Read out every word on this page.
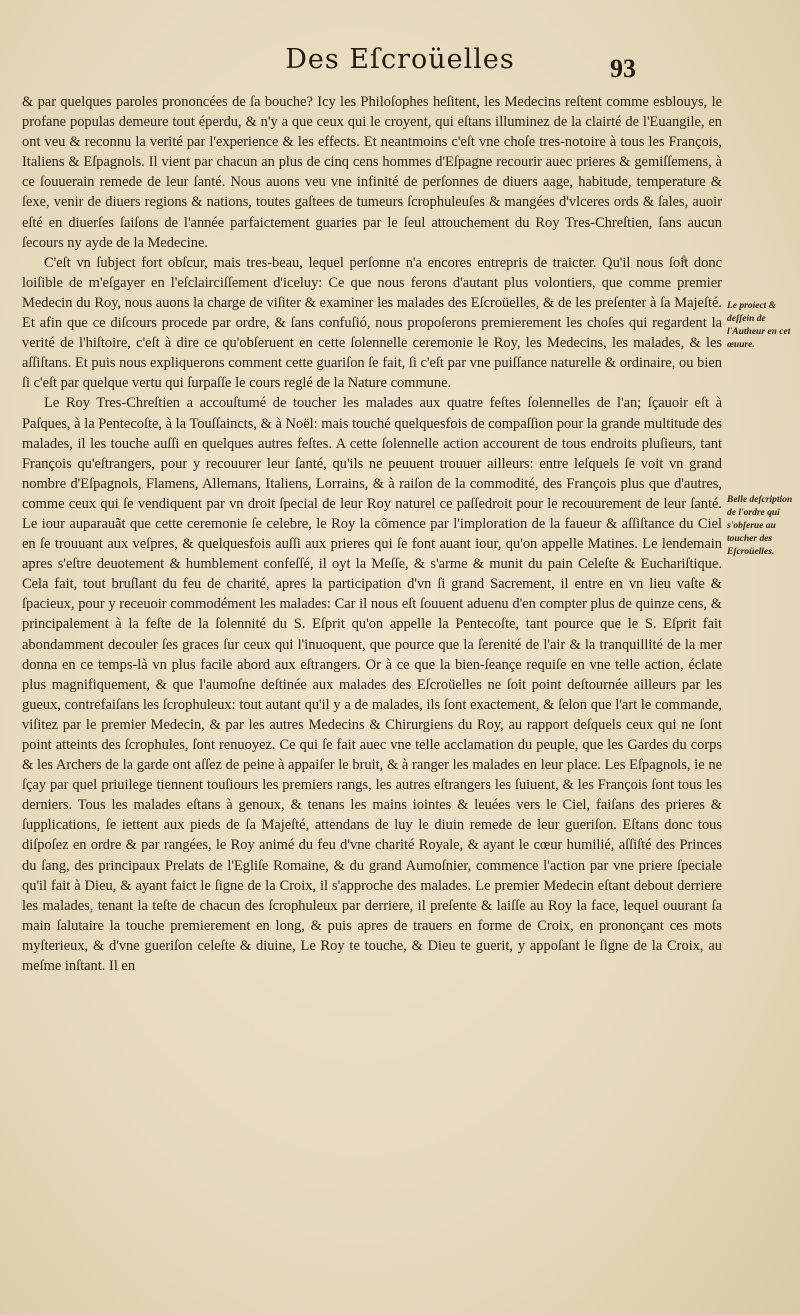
Des Eſcroüelles	93

& par quelques paroles prononcées de ſa bouche? Icy les Philoſophes heſitent, les Medecins reſtent comme esblouys, le profane populas demeure tout éperdu, & n'y a que ceux qui le croyent, qui eſtans illuminez de la clairté de l'Euangile, en ont veu & reconnu la verité par l'experience & les effects. Et neantmoins c'eſt vne choſe tres-notoire à tous les François, Italiens & Eſpagnols. Il vient par chacun an plus de cinq cens hommes d'Eſpagne recourir auec prieres & gemiſſemens, à ce ſouuerain remede de leur ſanté. Nous auons veu vne infinité de perſonnes de diuers aage, habitude, temperature & ſexe, venir de diuers regions & nations, toutes gaſtees de tumeurs ſcrophuleuſes & mangées d'vlceres ords & ſales, auoir eſté en diuerſes ſaiſons de l'année parfaictement guaries par le ſeul attouchement du Roy Tres-Chreſtien, ſans aucun ſecours ny ayde de la Medecine.

C'eſt vn ſubject fort obſcur, mais tres-beau, lequel perſonne n'a encores entrepris de traicter. Qu'il nous ſoit donc loiſible de m'eſgayer en l'eſclairciſſement d'iceluy: Ce que nous ferons d'autant plus volontiers, que comme premier Medecin du Roy, nous auons la charge de viſiter & examiner les malades des Eſcroüelles, & de les preſenter à ſa Majeſté. Et afin que ce diſcours procede par ordre, & ſans confuſió, nous propoſerons premierement les choſes qui regardent la verité de l'hiſtoire, c'eſt à dire ce qu'obſeruent en cette ſolennelle ceremonie le Roy, les Medecins, les malades, & les aſſiſtans. Et puis nous expliquerons comment cette guariſon ſe fait, ſi c'eſt par vne puiſſance naturelle & ordinaire, ou bien ſi c'eſt par quelque vertu qui ſurpaſſe le cours reglé de la Nature commune.

Le Roy Tres-Chreſtien a accouſtumé de toucher les malades aux quatre feſtes ſolennelles de l'an; ſçauoir eſt à Paſques, à la Pentecoſte, à la Touſſaincts, & à Noël: mais touché quelquesfois de compaſſion pour la grande multitude des malades, il les touche auſſi en quelques autres feſtes. A cette ſolennelle action accourent de tous endroits pluſieurs, tant François qu'eſtrangers, pour y recouurer leur ſanté, qu'ils ne peuuent trouuer ailleurs: entre leſquels ſe voit vn grand nombre d'Eſpagnols, Flamens, Allemans, Italiens, Lorrains, & à raiſon de la commodité, des François plus que d'autres, comme ceux qui ſe vendiquent par vn droit ſpecial de leur Roy naturel ce paſſedroit pour le recouurement de leur ſanté. Le iour auparauãt que cette ceremonie ſe celebre, le Roy la cõmence par l'imploration de la faueur & aſſiſtance du Ciel en ſe trouuant aux veſpres, & quelquesfois auſſi aux prieres qui ſe font auant iour, qu'on appelle Matines. Le lendemain apres s'eſtre deuotement & humblement confeſſé, il oyt la Meſſe, & s'arme & munit du pain Celeſte & Euchariſtique. Cela fait, tout bruſlant du feu de charité, apres la participation d'vn ſi grand Sacrement, il entre en vn lieu vaſte & ſpacieux, pour y receuoir commodément les malades: Car il nous eſt ſouuent aduenu d'en compter plus de quinze cens, & principalement à la feſte de la ſolennité du S. Eſprit qu'on appelle la Pentecoſte, tant pource que le S. Eſprit fait abondamment decouler ſes graces ſur ceux qui l'inuoquent, que pource que la ſerenité de l'air & la tranquillité de la mer donna en ce temps-là vn plus facile abord aux eſtrangers. Or à ce que la bien-ſeançe requiſe en vne telle action, éclate plus magnifiquement, & que l'aumoſne deſtinée aux malades des Eſcroüelles ne ſoit point deſtournée ailleurs par les gueux, contrefaiſans les ſcrophuleux: tout autant qu'il y a de malades, ils ſont exactement, & ſelon que l'art le commande, viſitez par le premier Medecin, & par les autres Medecins & Chirurgiens du Roy, au rapport deſquels ceux qui ne ſont point atteints des ſcrophules, ſont renuoyez. Ce qui ſe fait auec vne telle acclamation du peuple, que les Gardes du corps & les Archers de la garde ont aſſez de peine à appaiſer le bruit, & à ranger les malades en leur place. Les Eſpagnols, ie ne ſçay par quel priuilege tiennent touſiours les premiers rangs, les autres eſtrangers les ſuiuent, & les François ſont tous les derniers. Tous les malades eſtans à genoux, & tenans les mains iointes & leuées vers le Ciel, faiſans des prieres & ſupplications, ſe iettent aux pieds de ſa Majeſté, attendans de luy le diuin remede de leur gueriſon. Eſtans donc tous diſpoſez en ordre & par rangées, le Roy animé du feu d'vne charité Royale, & ayant le cœur humilié, aſſiſté des Princes du ſang, des principaux Prelats de l'Egliſe Romaine, & du grand Aumoſnier, commence l'action par vne priere ſpeciale qu'il fait à Dieu, & ayant faict le ſigne de la Croix, il s'approche des malades. Le premier Medecin eſtant debout derriere les malades, tenant la teſte de chacun des ſcrophuleux par derriere, il preſente & laiſſe au Roy la face, lequel ouurant ſa main ſalutaire la touche premierement en long, & puis apres de trauers en forme de Croix, en prononçant ces mots myſterieux, & d'vne gueriſon celeſte & diuine, Le Roy te touche, & Dieu te guerit, y appoſant le ſigne de la Croix, au meſme inſtant. Il en

Le proiect & deſſein de l'Autheur en cet œuure.
Belle deſcription de l'ordre qui s'obſerue au toucher des Eſcroüelles.
